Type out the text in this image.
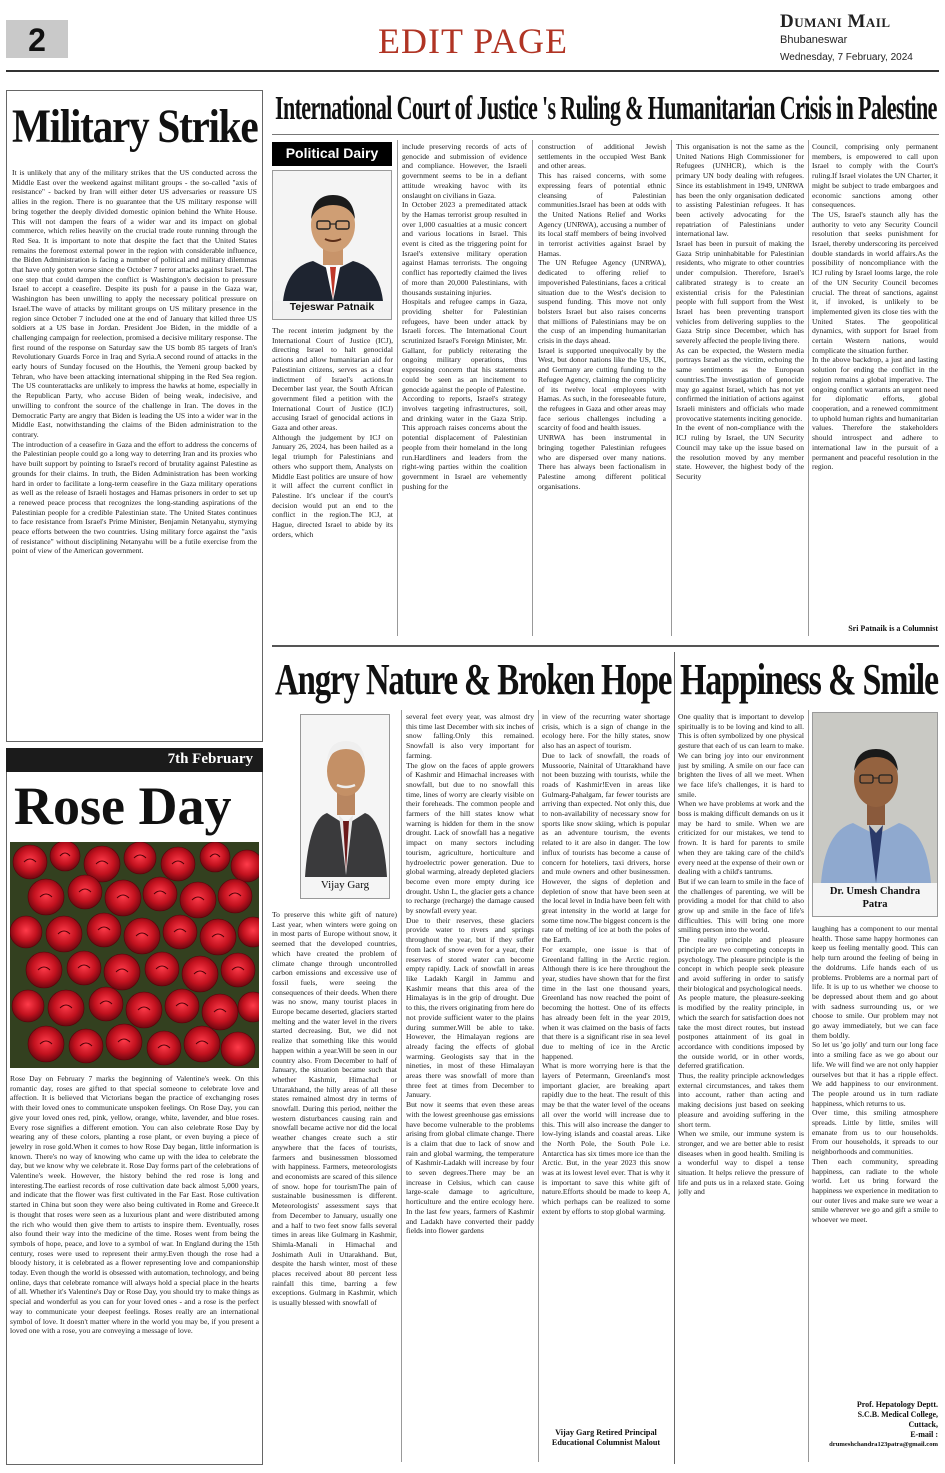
2	EDIT PAGE	Dumani Mail
Bhubaneswar
Wednesday, 7 February, 2024
Military Strike
It is unlikely that any of the military strikes that the US conducted across the Middle East over the weekend against militant groups - the so-called "axis of resistance" - backed by Iran will either deter US adversaries or reassure US allies in the region. There is no guarantee that the US military response will bring together the deeply divided domestic opinion behind the White House. This will not dampen the fears of a wider war and its impact on global commerce, which relies heavily on the crucial trade route running through the Red Sea. It is important to note that despite the fact that the United States remains the foremost external power in the region with considerable influence, the Biden Administration is facing a number of political and military dilemmas that have only gotten worse since the October 7 terror attacks against Israel. The one step that could dampen the conflict is Washington's decision to pressure Israel to accept a ceasefire. Despite its push for a pause in the Gaza war, Washington has been unwilling to apply the necessary political pressure on Israel.The wave of attacks by militant groups on US military presence in the region since October 7 included one at the end of January that killed three US soldiers at a US base in Jordan. President Joe Biden, in the middle of a challenging campaign for reelection, promised a decisive military response. The first round of the response on Saturday saw the US bomb 85 targets of Iran's Revolutionary Guards Force in Iraq and Syria.A second round of attacks in the early hours of Sunday focused on the Houthis, the Yemeni group backed by Tehran, who have been attacking international shipping in the Red Sea region. The US counterattacks are unlikely to impress the hawks at home, especially in the Republican Party, who accuse Biden of being weak, indecisive, and unwilling to confront the source of the challenge in Iran. The doves in the Democratic Party are angry that Biden is leading the US into a wider war in the Middle East, notwithstanding the claims of the Biden administration to the contrary.
The introduction of a ceasefire in Gaza and the effort to address the concerns of the Palestinian people could go a long way to deterring Iran and its proxies who have built support by pointing to Israel's record of brutality against Palestine as grounds for their claims. In truth, the Biden Administration has been working hard in order to facilitate a long-term ceasefire in the Gaza military operations as well as the release of Israeli hostages and Hamas prisoners in order to set up a renewed peace process that recognizes the long-standing aspirations of the Palestinian people for a credible Palestinian state. The United States continues to face resistance from Israel's Prime Minister, Benjamin Netanyahu, stymying peace efforts between the two countries. Using military force against the "axis of resistance" without disciplining Netanyahu will be a futile exercise from the point of view of the American government.
7th February
Rose Day
Rose Day on February 7 marks the beginning of Valentine's week. On this romantic day, roses are gifted to that special someone to celebrate love and affection. It is believed that Victorians began the practice of exchanging roses with their loved ones to communicate unspoken feelings. On Rose Day, you can give your loved ones red, pink, yellow, orange, white, lavender, and blue roses. Every rose signifies a different emotion. You can also celebrate Rose Day by wearing any of these colors, planting a rose plant, or even buying a piece of jewelry in rose gold.When it comes to how Rose Day began, little information is known. There's no way of knowing who came up with the idea to celebrate the day, but we know why we celebrate it. Rose Day forms part of the celebrations of Valentine's week. However, the history behind the red rose is long and interesting.The earliest records of rose cultivation date back almost 5,000 years, and indicate that the flower was first cultivated in the Far East. Rose cultivation started in China but soon they were also being cultivated in Rome and Greece.It is thought that roses were seen as a luxurious plant and were distributed among the rich who would then give them to artists to inspire them. Eventually, roses also found their way into the medicine of the time. Roses went from being the symbols of hope, peace, and love to a symbol of war. In England during the 15th century, roses were used to represent their army.Even though the rose had a bloody history, it is celebrated as a flower representing love and companionship today. Even though the world is obsessed with automation, technology, and being online, days that celebrate romance will always hold a special place in the hearts of all. Whether it's Valentine's Day or Rose Day, you should try to make things as special and wonderful as you can for your loved ones - and a rose is the perfect way to communicate your deepest feelings. Roses really are an international symbol of love. It doesn't matter where in the world you may be, if you present a loved one with a rose, you are conveying a message of love.
International Court of Justice 's Ruling & Humanitarian Crisis in Palestine
Political Dairy
Tejeswar Patnaik
The recent interim judgment by the International Court of Justice (ICJ), directing Israel to halt genocidal actions and allow humanitarian aid for Palestinian citizens, serves as a clear indictment of Israel's actions.In December last year, the South African government filed a petition with the International Court of Justice (ICJ) accusing Israel of genocidal actions in Gaza and other areas.
Although the judgement by ICJ on January 26, 2024, has been hailed as a legal triumph for Palestinians and others who support them, Analysts on Middle East politics are unsure of how it will affect the current conflict in Palestine. It's unclear if the court's decision would put an end to the conflict in the region.The ICJ, at Hague, directed Israel to abide by its orders, which
include preserving records of acts of genocide and submission of evidence and compliance. However, the Israeli government seems to be in a defiant attitude wreaking havoc with its onslaught on civilians in Gaza.
In October 2023 a premeditated attack by the Hamas terrorist group resulted in over 1,000 casualties at a music concert and various locations in Israel. This event is cited as the triggering point for Israel's extensive military operation against Hamas terrorists. The ongoing conflict has reportedly claimed the lives of more than 20,000 Palestinians, with thousands sustaining injuries.
Hospitals and refugee camps in Gaza, providing shelter for Palestinian refugees, have been under attack by Israeli forces. The International Court scrutinized Israel's Foreign Minister, Mr. Gallant, for publicly reiterating the ongoing military operations, thus expressing concern that his statements could be seen as an incitement to genocide against the people of Palestine.
According to reports, Israel's strategy involves targeting infrastructures, soil, and drinking water in the Gaza Strip. This approach raises concerns about the potential displacement of Palestinian people from their homeland in the long run.Hardliners and leaders from the right-wing parties within the coalition government in Israel are vehemently pushing for the
construction of additional Jewish settlements in the occupied West Bank and other areas.
This has raised concerns, with some expressing fears of potential ethnic cleansing of Palestinian communities.Israel has been at odds with the United Nations Relief and Works Agency (UNRWA), accusing a number of its local staff members of being involved in terrorist activities against Israel by Hamas.
The UN Refugee Agency (UNRWA), dedicated to offering relief to impoverished Palestinians, faces a critical situation due to the West's decision to suspend funding. This move not only bolsters Israel but also raises concerns that millions of Palestinians may be on the cusp of an impending humanitarian crisis in the days ahead.
Israel is supported unequivocally by the West, but donor nations like the US, UK, and Germany are cutting funding to the Refugee Agency, claiming the complicity of its twelve local employees with Hamas. As such, in the foreseeable future, the refugees in Gaza and other areas may face serious challenges including a scarcity of food and health issues.
UNRWA has been instrumental in bringing together Palestinian refugees who are dispersed over many nations. There has always been factionalism in Palestine among different political organisations.
This organisation is not the same as the United Nations High Commissioner for Refugees (UNHCR), which is the primary UN body dealing with refugees. Since its establishment in 1949, UNRWA has been the only organisation dedicated to assisting Palestinian refugees. It has been actively advocating for the repatriation of Palestinians under international law.
Israel has been in pursuit of making the Gaza Strip uninhabitable for Palestinian residents, who migrate to other countries under compulsion. Therefore, Israel's calibrated strategy is to create an existential crisis for the Palestinian people with full support from the West Israel has been preventing transport vehicles from delivering supplies to the Gaza Strip since December, which has severely affected the people living there.
As can be expected, the Western media portrays Israel as the victim, echoing the same sentiments as the European countries.The investigation of genocide may go against Israel, which has not yet confirmed the initiation of actions against Israeli ministers and officials who made provocative statements inciting genocide.
In the event of non-compliance with the ICJ ruling by Israel, the UN Security Council may take up the issue based on the resolution moved by any member state. However, the highest body of the Security
Council, comprising only permanent members, is empowered to call upon Israel to comply with the Court's ruling.If Israel violates the UN Charter, it might be subject to trade embargoes and economic sanctions among other consequences.
The US, Israel's staunch ally has the authority to veto any Security Council resolution that seeks punishment for Israel, thereby underscoring its perceived double standards in world affairs.As the possibility of noncompliance with the ICJ ruling by Israel looms large, the role of the UN Security Council becomes crucial. The threat of sanctions, against it, if invoked, is unlikely to be implemented given its close ties with the United States. The geopolitical dynamics, with support for Israel from certain Western nations, would complicate the situation further.
In the above backdrop, a just and lasting solution for ending the conflict in the region remains a global imperative. The ongoing conflict warrants an urgent need for diplomatic efforts, global cooperation, and a renewed commitment to uphold human rights and humanitarian values. Therefore the stakeholders should introspect and adhere to international law in the pursuit of a permanent and peaceful resolution in the region.
Sri Patnaik is a Columnist
Angry Nature & Broken Hope
Vijay Garg
To preserve this white gift of nature) Last year, when winters were going on in most parts of Europe without snow, it seemed that the developed countries, which have created the problem of climate change through uncontrolled carbon emissions and excessive use of fossil fuels, were seeing the consequences of their deeds. When there was no snow, many tourist places in Europe became deserted, glaciers started melting and the water level in the rivers started decreasing. But, we did not realize that something like this would happen within a year.Will be seen in our country also. From December to half of January, the situation became such that whether Kashmir, Himachal or Uttarakhand, the hilly areas of all these states remained almost dry in terms of snowfall. During this period, neither the western disturbances causing rain and snowfall became active nor did the local weather changes create such a stir anywhere that the faces of tourists, farmers and businessmen blossomed with happiness. Farmers, meteorologists and economists are scared of this silence of snow. hope for tourismThe pain of sustainable businessmen is different. Meteorologists' assessment says that from December to January, usually one and a half to two feet snow falls several times in areas like Gulmarg in Kashmir, Shimla-Manali in Himachal and Joshimath Auli in Uttarakhand. But, despite the harsh winter, most of these places received about 80 percent less rainfall this time, barring a few exceptions. Gulmarg in Kashmir, which is usually blessed with snowfall of
several feet every year, was almost dry this time last December with six inches of snow falling.Only this remained. Snowfall is also very important for farming.
The glow on the faces of apple growers of Kashmir and Himachal increases with snowfall, but due to no snowfall this time, lines of worry are clearly visible on their foreheads. The common people and farmers of the hill states know what warning is hidden for them in the snow drought. Lack of snowfall has a negative impact on many sectors including tourism, agriculture, horticulture and hydroelectric power generation. Due to global warming, already depleted glaciers become even more empty during ice drought. Ushn L, the glacier gets a chance to recharge (recharge) the damage caused by snowfall every year.
Due to their reserves, these glaciers provide water to rivers and springs throughout the year, but if they suffer from lack of snow even for a year, their reserves of stored water can become empty rapidly. Lack of snowfall in areas like Ladakh Kargil in Jammu and Kashmir means that this area of the Himalayas is in the grip of drought. Due to this, the rivers originating from here do not provide sufficient water to the plains during summer.Will be able to take. However, the Himalayan regions are already facing the effects of global warming. Geologists say that in the nineties, in most of these Himalayan areas there was snowfall of more than three feet at times from December to January.
But now it seems that even these areas with the lowest greenhouse gas emissions have become vulnerable to the problems arising from global climate change. There is a claim that due to lack of snow and rain and global warming, the temperature of Kashmir-Ladakh will increase by four to seven degrees.There may be an increase in Celsius, which can cause large-scale damage to agriculture, horticulture and the entire ecology here. In the last few years, farmers of Kashmir and Ladakh have converted their paddy fields into flower gardens
in view of the recurring water shortage crisis, which is a sign of change in the ecology here. For the hilly states, snow also has an aspect of tourism.
Due to lack of snowfall, the roads of Mussoorie, Nainital of Uttarakhand have not been buzzing with tourists, while the roads of Kashmir!Even in areas like Gulmarg-Pahalgam, far fewer tourists are arriving than expected. Not only this, due to non-availability of necessary snow for sports like snow skiing, which is popular as an adventure tourism, the events related to it are also in danger. The low influx of tourists has become a cause of concern for hoteliers, taxi drivers, horse and mule owners and other businessmen. However, the signs of depletion and depletion of snow that have been seen at the local level in India have been felt with great intensity in the world at large for some time now.The biggest concern is the rate of melting of ice at both the poles of the Earth.
For example, one issue is that of Greenland falling in the Arctic region. Although there is ice here throughout the year, studies have shown that for the first time in the last one thousand years, Greenland has now reached the point of becoming the hottest. One of its effects has already been felt in the year 2019, when it was claimed on the basis of facts that there is a significant rise in sea level due to melting of ice in the Arctic happened.
What is more worrying here is that the layers of Petermann, Greenland's most important glacier, are breaking apart rapidly due to the heat. The result of this may be that the water level of the oceans all over the world will increase due to this. This will also increase the danger to low-lying islands and coastal areas. Like the North Pole, the South Pole i.e. Antarctica has six times more ice than the Arctic. But, in the year 2023 this snow was at its lowest level ever. That is why it is important to save this white gift of nature.Efforts should be made to keep A, which perhaps can be realized to some extent by efforts to stop global warming.
Vijay Garg Retired Principal Educational Columnist Malout
Happiness & Smile
One quality that is important to develop spiritually is to be loving and kind to all. This is often symbolized by one physical gesture that each of us can learn to make. We can bring joy into our environment just by smiling. A smile on our face can brighten the lives of all we meet. When we face life's challenges, it is hard to smile.
When we have problems at work and the boss is making difficult demands on us it may be hard to smile. When we are criticized for our mistakes, we tend to frown. It is hard for parents to smile when they are taking care of the child's every need at the expense of their own or dealing with a child's tantrums.
But if we can learn to smile in the face of the challenges of parenting, we will be providing a model for that child to also grow up and smile in the face of life's difficulties. This will bring one more smiling person into the world.
The reality principle and pleasure principle are two competing concepts in psychology. The pleasure principle is the concept in which people seek pleasure and avoid suffering in order to satisfy their biological and psychological needs.
As people mature, the pleasure-seeking is modified by the reality principle, in which the search for satisfaction does not take the most direct routes, but instead postpones attainment of its goal in accordance with conditions imposed by the outside world, or in other words, deferred gratification.
Thus, the reality principle acknowledges external circumstances, and takes them into account, rather than acting and making decisions just based on seeking pleasure and avoiding suffering in the short term.
When we smile, our immune system is stronger, and we are better able to resist diseases when in good health. Smiling is a wonderful way to dispel a tense situation. It helps relieve the pressure of life and puts us in a relaxed state. Going jolly and
Dr. Umesh Chandra Patra
laughing has a component to our mental health. Those same happy hormones can keep us feeling mentally good. This can help turn around the feeling of being in the doldrums. Life hands each of us problems. Problems are a normal part of life. It is up to us whether we choose to be depressed about them and go about with sadness surrounding us, or we choose to smile. Our problem may not go away immediately, but we can face them boldly.
So let us 'go jolly' and turn our long face into a smiling face as we go about our life. We will find we are not only happier ourselves but that it has a ripple effect. We add happiness to our environment. The people around us in turn radiate happiness, which returns to us.
Over time, this smiling atmosphere spreads. Little by little, smiles will emanate from us to our households. From our households, it spreads to our neighborhoods and communities.
Then each community, spreading happiness, can radiate to the whole world. Let us bring forward the happiness we experience in meditation to our outer lives and make sure we wear a smile wherever we go and gift a smile to whoever we meet.
Prof. Hepatology Deptt.
S.C.B. Medical College,
Cuttack,
E-mail :
drumeshchandra123patra@gmail.com
